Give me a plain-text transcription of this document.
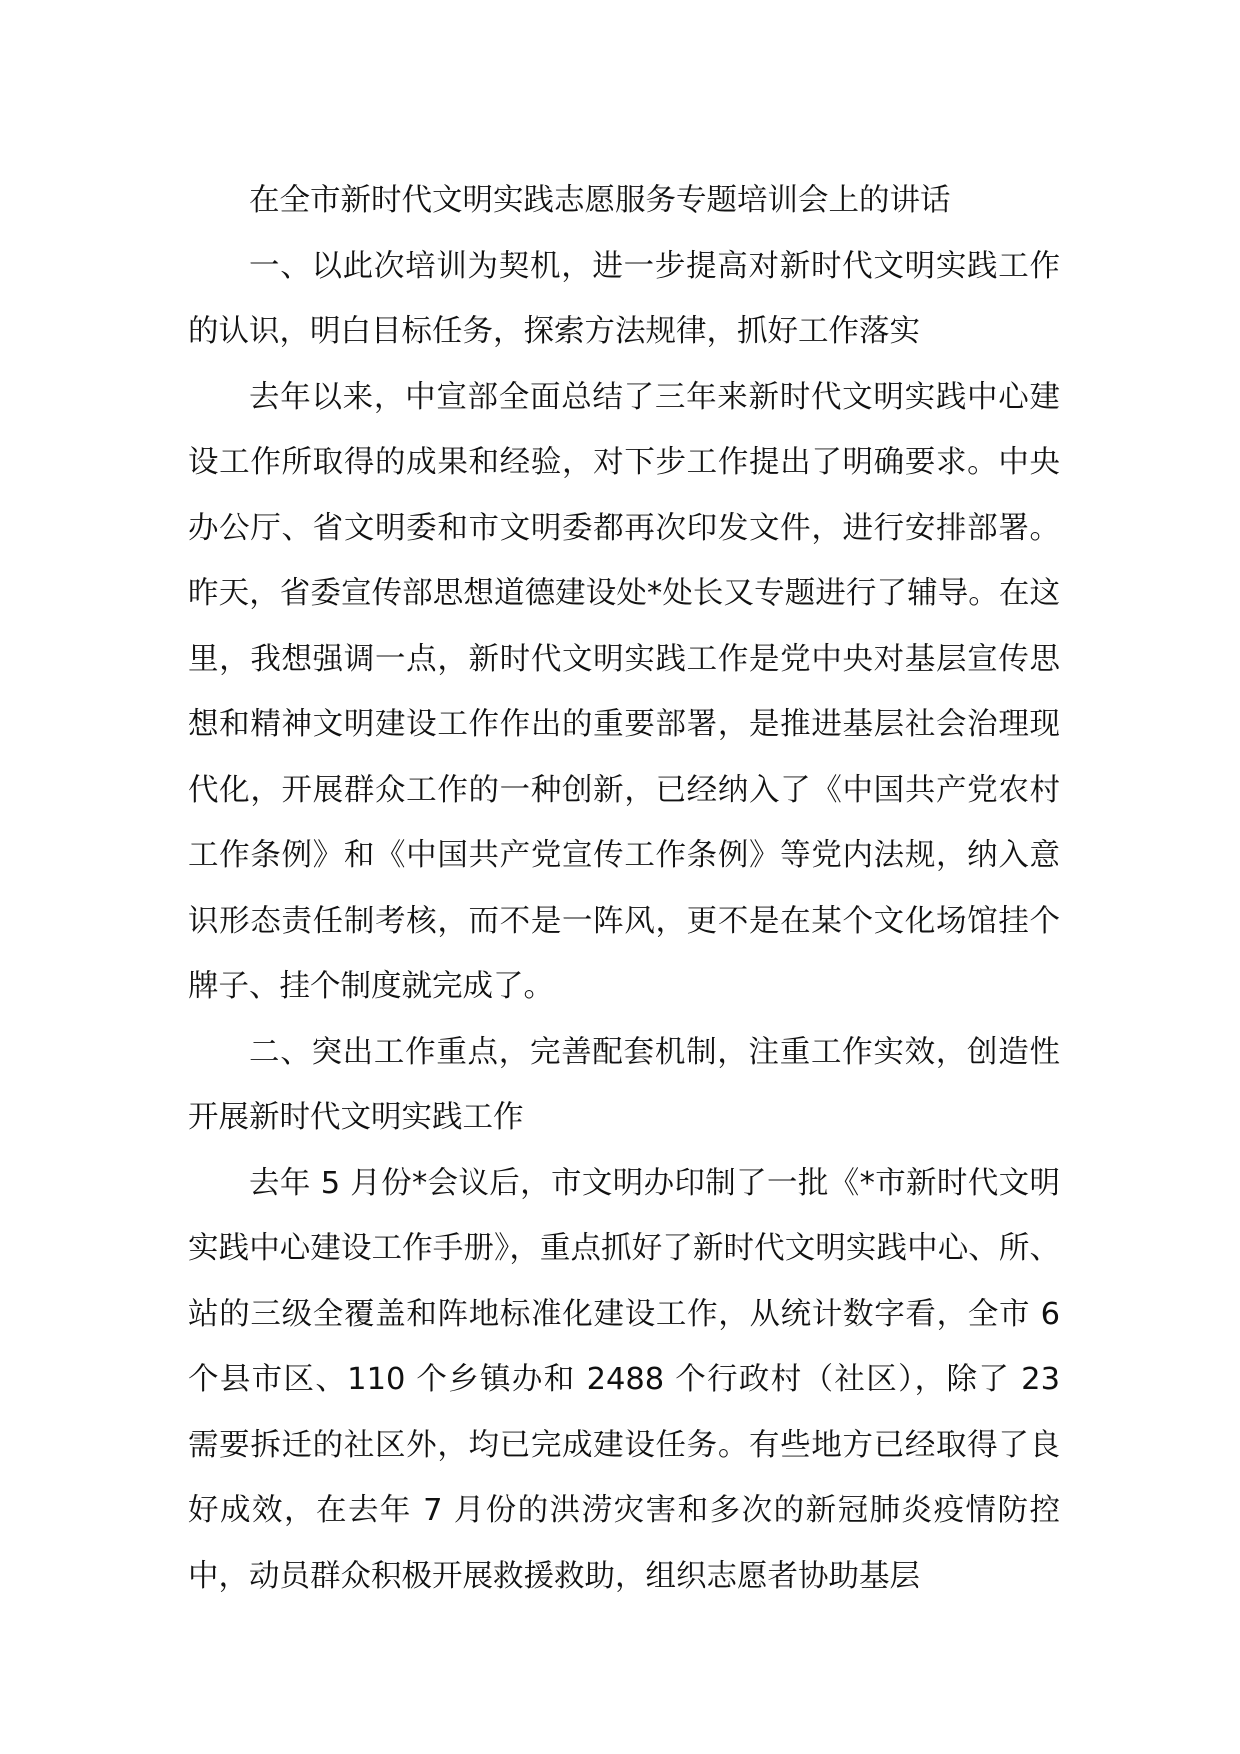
在全市新时代文明实践志愿服务专题培训会上的讲话

一、以此次培训为契机，进一步提高对新时代文明实践工作的认识，明白目标任务，探索方法规律，抓好工作落实

去年以来，中宣部全面总结了三年来新时代文明实践中心建设工作所取得的成果和经验，对下步工作提出了明确要求。中央办公厅、省文明委和市文明委都再次印发文件，进行安排部署。昨天，省委宣传部思想道德建设处*处长又专题进行了辅导。在这里，我想强调一点，新时代文明实践工作是党中央对基层宣传思想和精神文明建设工作作出的重要部署，是推进基层社会治理现代化，开展群众工作的一种创新，已经纳入了《中国共产党农村工作条例》和《中国共产党宣传工作条例》等党内法规，纳入意识形态责任制考核，而不是一阵风，更不是在某个文化场馆挂个牌子、挂个制度就完成了。

二、突出工作重点，完善配套机制，注重工作实效，创造性开展新时代文明实践工作

去年 5 月份*会议后，市文明办印制了一批《*市新时代文明实践中心建设工作手册》，重点抓好了新时代文明实践中心、所、站的三级全覆盖和阵地标准化建设工作，从统计数字看，全市 6 个县市区、110 个乡镇办和 2488 个行政村（社区），除了 23 需要拆迁的社区外，均已完成建设任务。有些地方已经取得了良好成效，在去年 7 月份的洪涝灾害和多次的新冠肺炎疫情防控中，动员群众积极开展救援救助，组织志愿者协助基层
